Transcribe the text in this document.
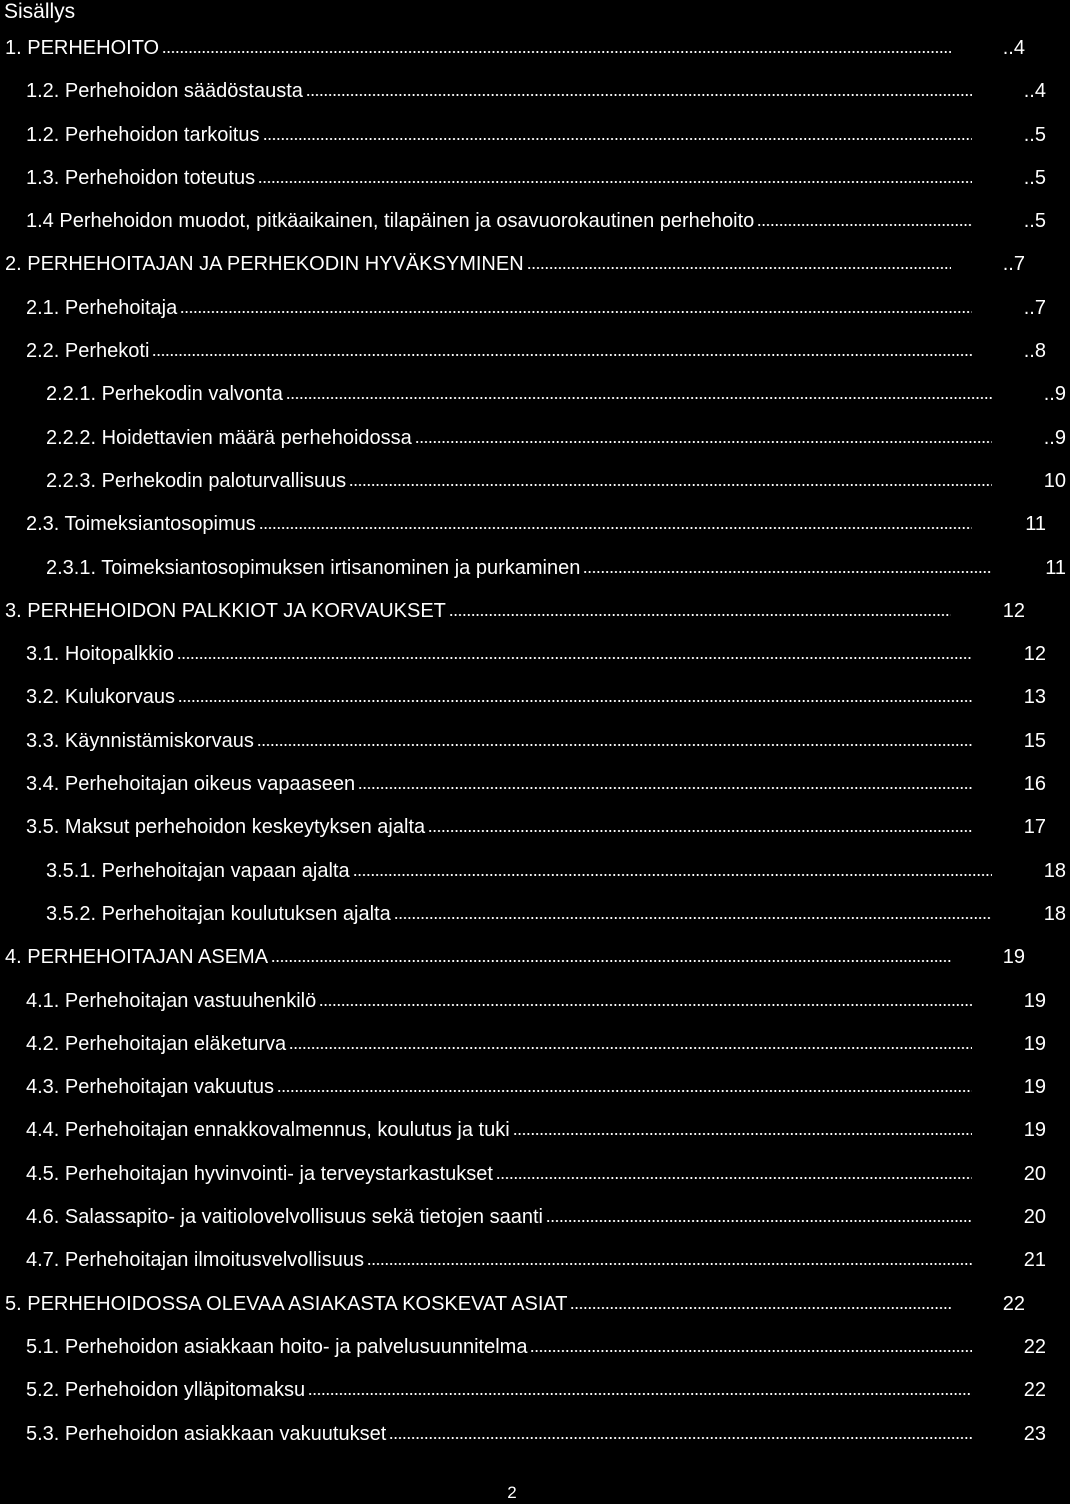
Sisällys
1. PERHEHOITO	..4
1.2. Perhehoidon säädöstausta	..4
1.2. Perhehoidon tarkoitus	..5
1.3. Perhehoidon toteutus	..5
1.4 Perhehoidon muodot, pitkäaikainen, tilapäinen ja osavuorokautinen perhehoito	..5
2. PERHEHOITAJAN JA PERHEKODIN HYVÄKSYMINEN	..7
2.1. Perhehoitaja	..7
2.2. Perhekoti	..8
2.2.1. Perhekodin valvonta	..9
2.2.2. Hoidettavien määrä perhehoidossa	..9
2.2.3. Perhekodin paloturvallisuus	10
2.3. Toimeksiantosopimus	11
2.3.1. Toimeksiantosopimuksen irtisanominen ja purkaminen	11
3. PERHEHOIDON PALKKIOT JA KORVAUKSET	12
3.1. Hoitopalkkio	12
3.2. Kulukorvaus	13
3.3. Käynnistämiskorvaus	15
3.4. Perhehoitajan oikeus vapaaseen	16
3.5. Maksut perhehoidon keskeytyksen ajalta	17
3.5.1. Perhehoitajan vapaan ajalta	18
3.5.2. Perhehoitajan koulutuksen ajalta	18
4. PERHEHOITAJAN ASEMA	19
4.1. Perhehoitajan vastuuhenkilö	19
4.2. Perhehoitajan eläketurva	19
4.3. Perhehoitajan vakuutus	19
4.4. Perhehoitajan ennakkovalmennus, koulutus ja tuki	19
4.5. Perhehoitajan hyvinvointi- ja terveystarkastukset	20
4.6. Salassapito- ja vaitiolovelvollisuus sekä tietojen saanti	20
4.7. Perhehoitajan ilmoitusvelvollisuus	21
5. PERHEHOIDOSSA OLEVAA ASIAKASTA KOSKEVAT ASIAT	22
5.1. Perhehoidon asiakkaan hoito- ja palvelusuunnitelma	22
5.2. Perhehoidon ylläpitomaksu	22
5.3. Perhehoidon asiakkaan vakuutukset	23
2
